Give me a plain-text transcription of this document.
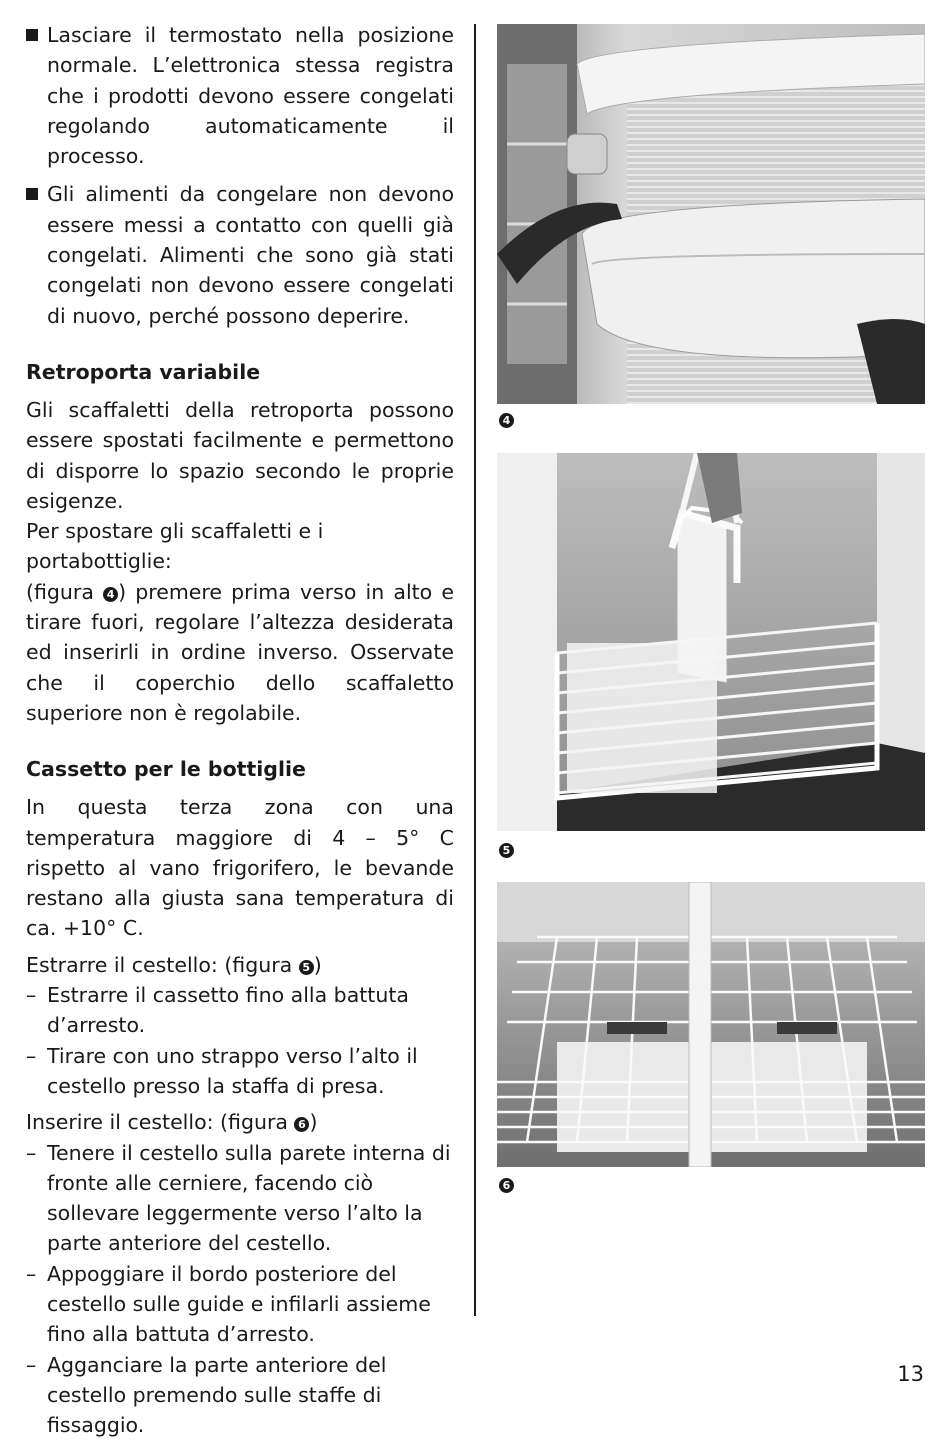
Lasciare il termostato nella posizione normale. L’elettronica stessa registra che i prodotti devono essere congelati regolando automaticamente il processo.

Gli alimenti da congelare non devono essere messi a contatto con quelli già congelati. Alimenti che sono già stati congelati non devono essere congelati di nuovo, perché possono deperire.

Retroporta variabile

Gli scaffaletti della retroporta possono essere spostati facilmente e permettono di disporre lo spazio secondo le proprie esigenze.

Per spostare gli scaffaletti e i portabottiglie:

(figura 4 ) premere prima verso in alto e tirare fuori, regolare l’altezza desiderata ed inserirli in ordine inverso. Osservate che il coperchio dello scaffaletto superiore non è regolabile.

Cassetto per le bottiglie

In questa terza zona con una temperatura maggiore di 4 – 5° C rispetto al vano frigorifero, le bevande restano alla giusta sana temperatura di ca. +10° C.

Estrarre il cestello: (figura 5 )

– Estrarre il cassetto fino alla battuta d’arresto.

– Tirare con uno strappo verso l’alto il cestello presso la staffa di presa.

Inserire il cestello: (figura 6 )

– Tenere il cestello sulla parete interna di fronte alle cerniere, facendo ciò sollevare leggermente verso l’alto la parte anteriore del cestello.

– Appoggiare il bordo posteriore del cestello sulle guide e infilarli assieme fino alla battuta d’arresto.

– Agganciare la parte anteriore del cestello premendo sulle staffe di fissaggio.

4
5
6
13
